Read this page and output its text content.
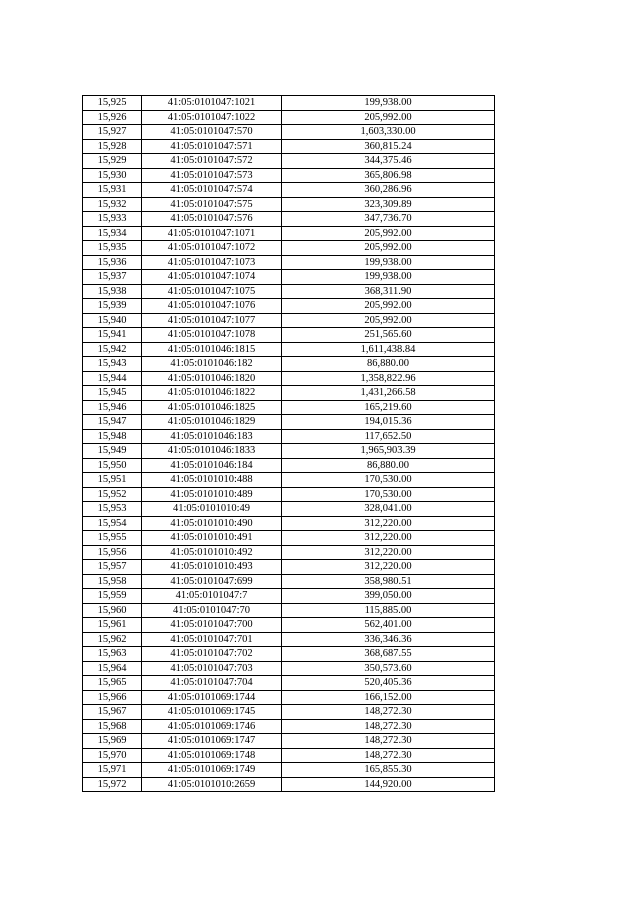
15,925	41:05:0101047:1021	199,938.00
15,926	41:05:0101047:1022	205,992.00
15,927	41:05:0101047:570	1,603,330.00
15,928	41:05:0101047:571	360,815.24
15,929	41:05:0101047:572	344,375.46
15,930	41:05:0101047:573	365,806.98
15,931	41:05:0101047:574	360,286.96
15,932	41:05:0101047:575	323,309.89
15,933	41:05:0101047:576	347,736.70
15,934	41:05:0101047:1071	205,992.00
15,935	41:05:0101047:1072	205,992.00
15,936	41:05:0101047:1073	199,938.00
15,937	41:05:0101047:1074	199,938.00
15,938	41:05:0101047:1075	368,311.90
15,939	41:05:0101047:1076	205,992.00
15,940	41:05:0101047:1077	205,992.00
15,941	41:05:0101047:1078	251,565.60
15,942	41:05:0101046:1815	1,611,438.84
15,943	41:05:0101046:182	86,880.00
15,944	41:05:0101046:1820	1,358,822.96
15,945	41:05:0101046:1822	1,431,266.58
15,946	41:05:0101046:1825	165,219.60
15,947	41:05:0101046:1829	194,015.36
15,948	41:05:0101046:183	117,652.50
15,949	41:05:0101046:1833	1,965,903.39
15,950	41:05:0101046:184	86,880.00
15,951	41:05:0101010:488	170,530.00
15,952	41:05:0101010:489	170,530.00
15,953	41:05:0101010:49	328,041.00
15,954	41:05:0101010:490	312,220.00
15,955	41:05:0101010:491	312,220.00
15,956	41:05:0101010:492	312,220.00
15,957	41:05:0101010:493	312,220.00
15,958	41:05:0101047:699	358,980.51
15,959	41:05:0101047:7	399,050.00
15,960	41:05:0101047:70	115,885.00
15,961	41:05:0101047:700	562,401.00
15,962	41:05:0101047:701	336,346.36
15,963	41:05:0101047:702	368,687.55
15,964	41:05:0101047:703	350,573.60
15,965	41:05:0101047:704	520,405.36
15,966	41:05:0101069:1744	166,152.00
15,967	41:05:0101069:1745	148,272.30
15,968	41:05:0101069:1746	148,272.30
15,969	41:05:0101069:1747	148,272.30
15,970	41:05:0101069:1748	148,272.30
15,971	41:05:0101069:1749	165,855.30
15,972	41:05:0101010:2659	144,920.00
